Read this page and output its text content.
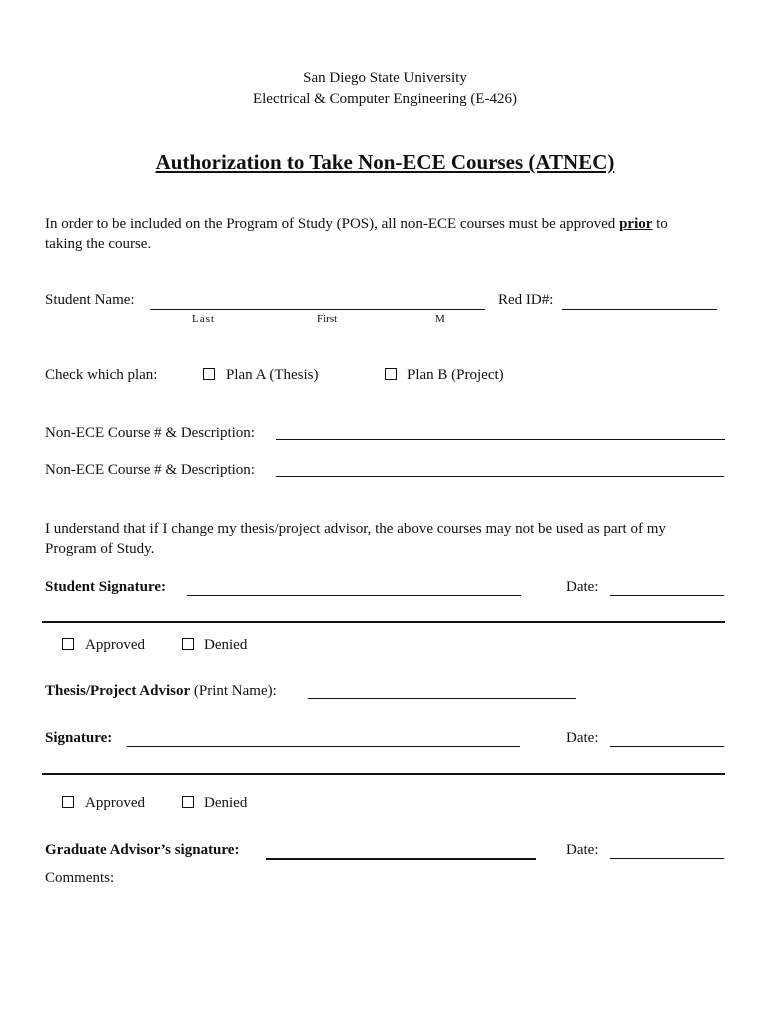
San Diego State University
Electrical & Computer Engineering (E-426)
Authorization to Take Non-ECE Courses (ATNEC)
In order to be included on the Program of Study (POS), all non-ECE courses must be approved prior to
taking the course.
Student Name:
Last	First	M
Red ID#:
Check which plan:	Plan A (Thesis)	Plan B (Project)
Non-ECE Course # & Description:
Non-ECE Course # & Description:
I understand that if I change my thesis/project advisor, the above courses may not be used as part of my
Program of Study.
Student Signature:	Date:
Approved	Denied
Thesis/Project Advisor (Print Name):
Signature:	Date:
Approved	Denied
Graduate Advisor’s signature:	Date:
Comments:
